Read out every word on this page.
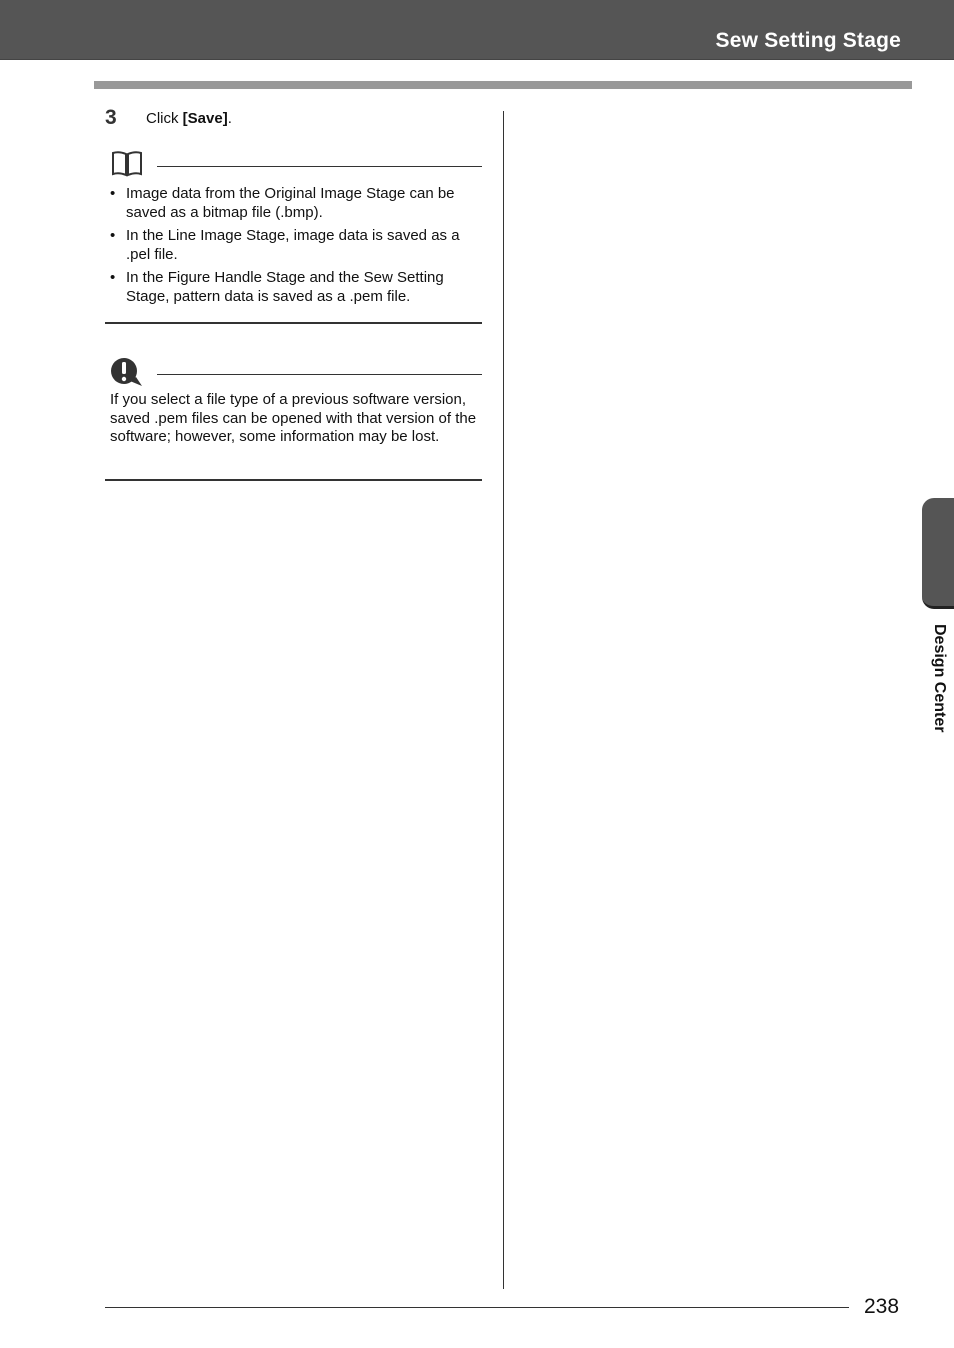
Sew Setting Stage
3 Click [Save].
• Image data from the Original Image Stage can be saved as a bitmap file (.bmp).
• In the Line Image Stage, image data is saved as a .pel file.
• In the Figure Handle Stage and the Sew Setting Stage, pattern data is saved as a .pem file.
If you select a file type of a previous software version, saved .pem files can be opened with that version of the software; however, some information may be lost.
Design Center
238
